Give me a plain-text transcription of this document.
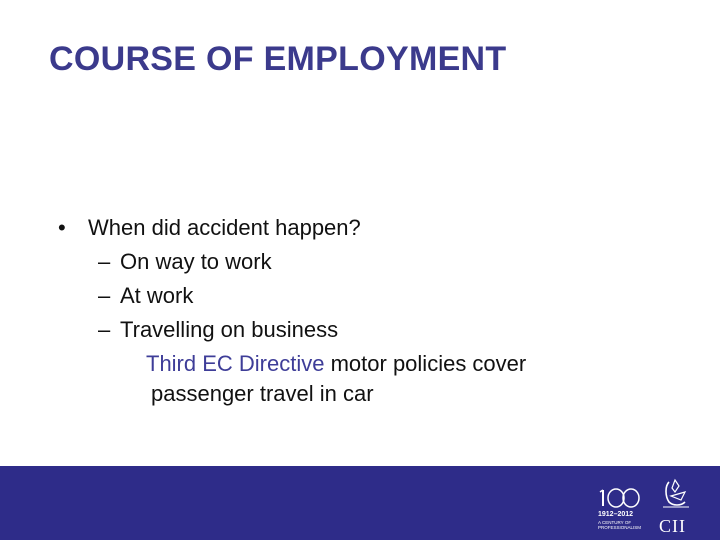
COURSE OF EMPLOYMENT
• When did accident happen?
– On way to work
– At work
– Travelling on business
Third EC Directive motor policies cover
passenger travel in car
1912–2012
A CENTURY OF
PROFESSIONALISM CII
